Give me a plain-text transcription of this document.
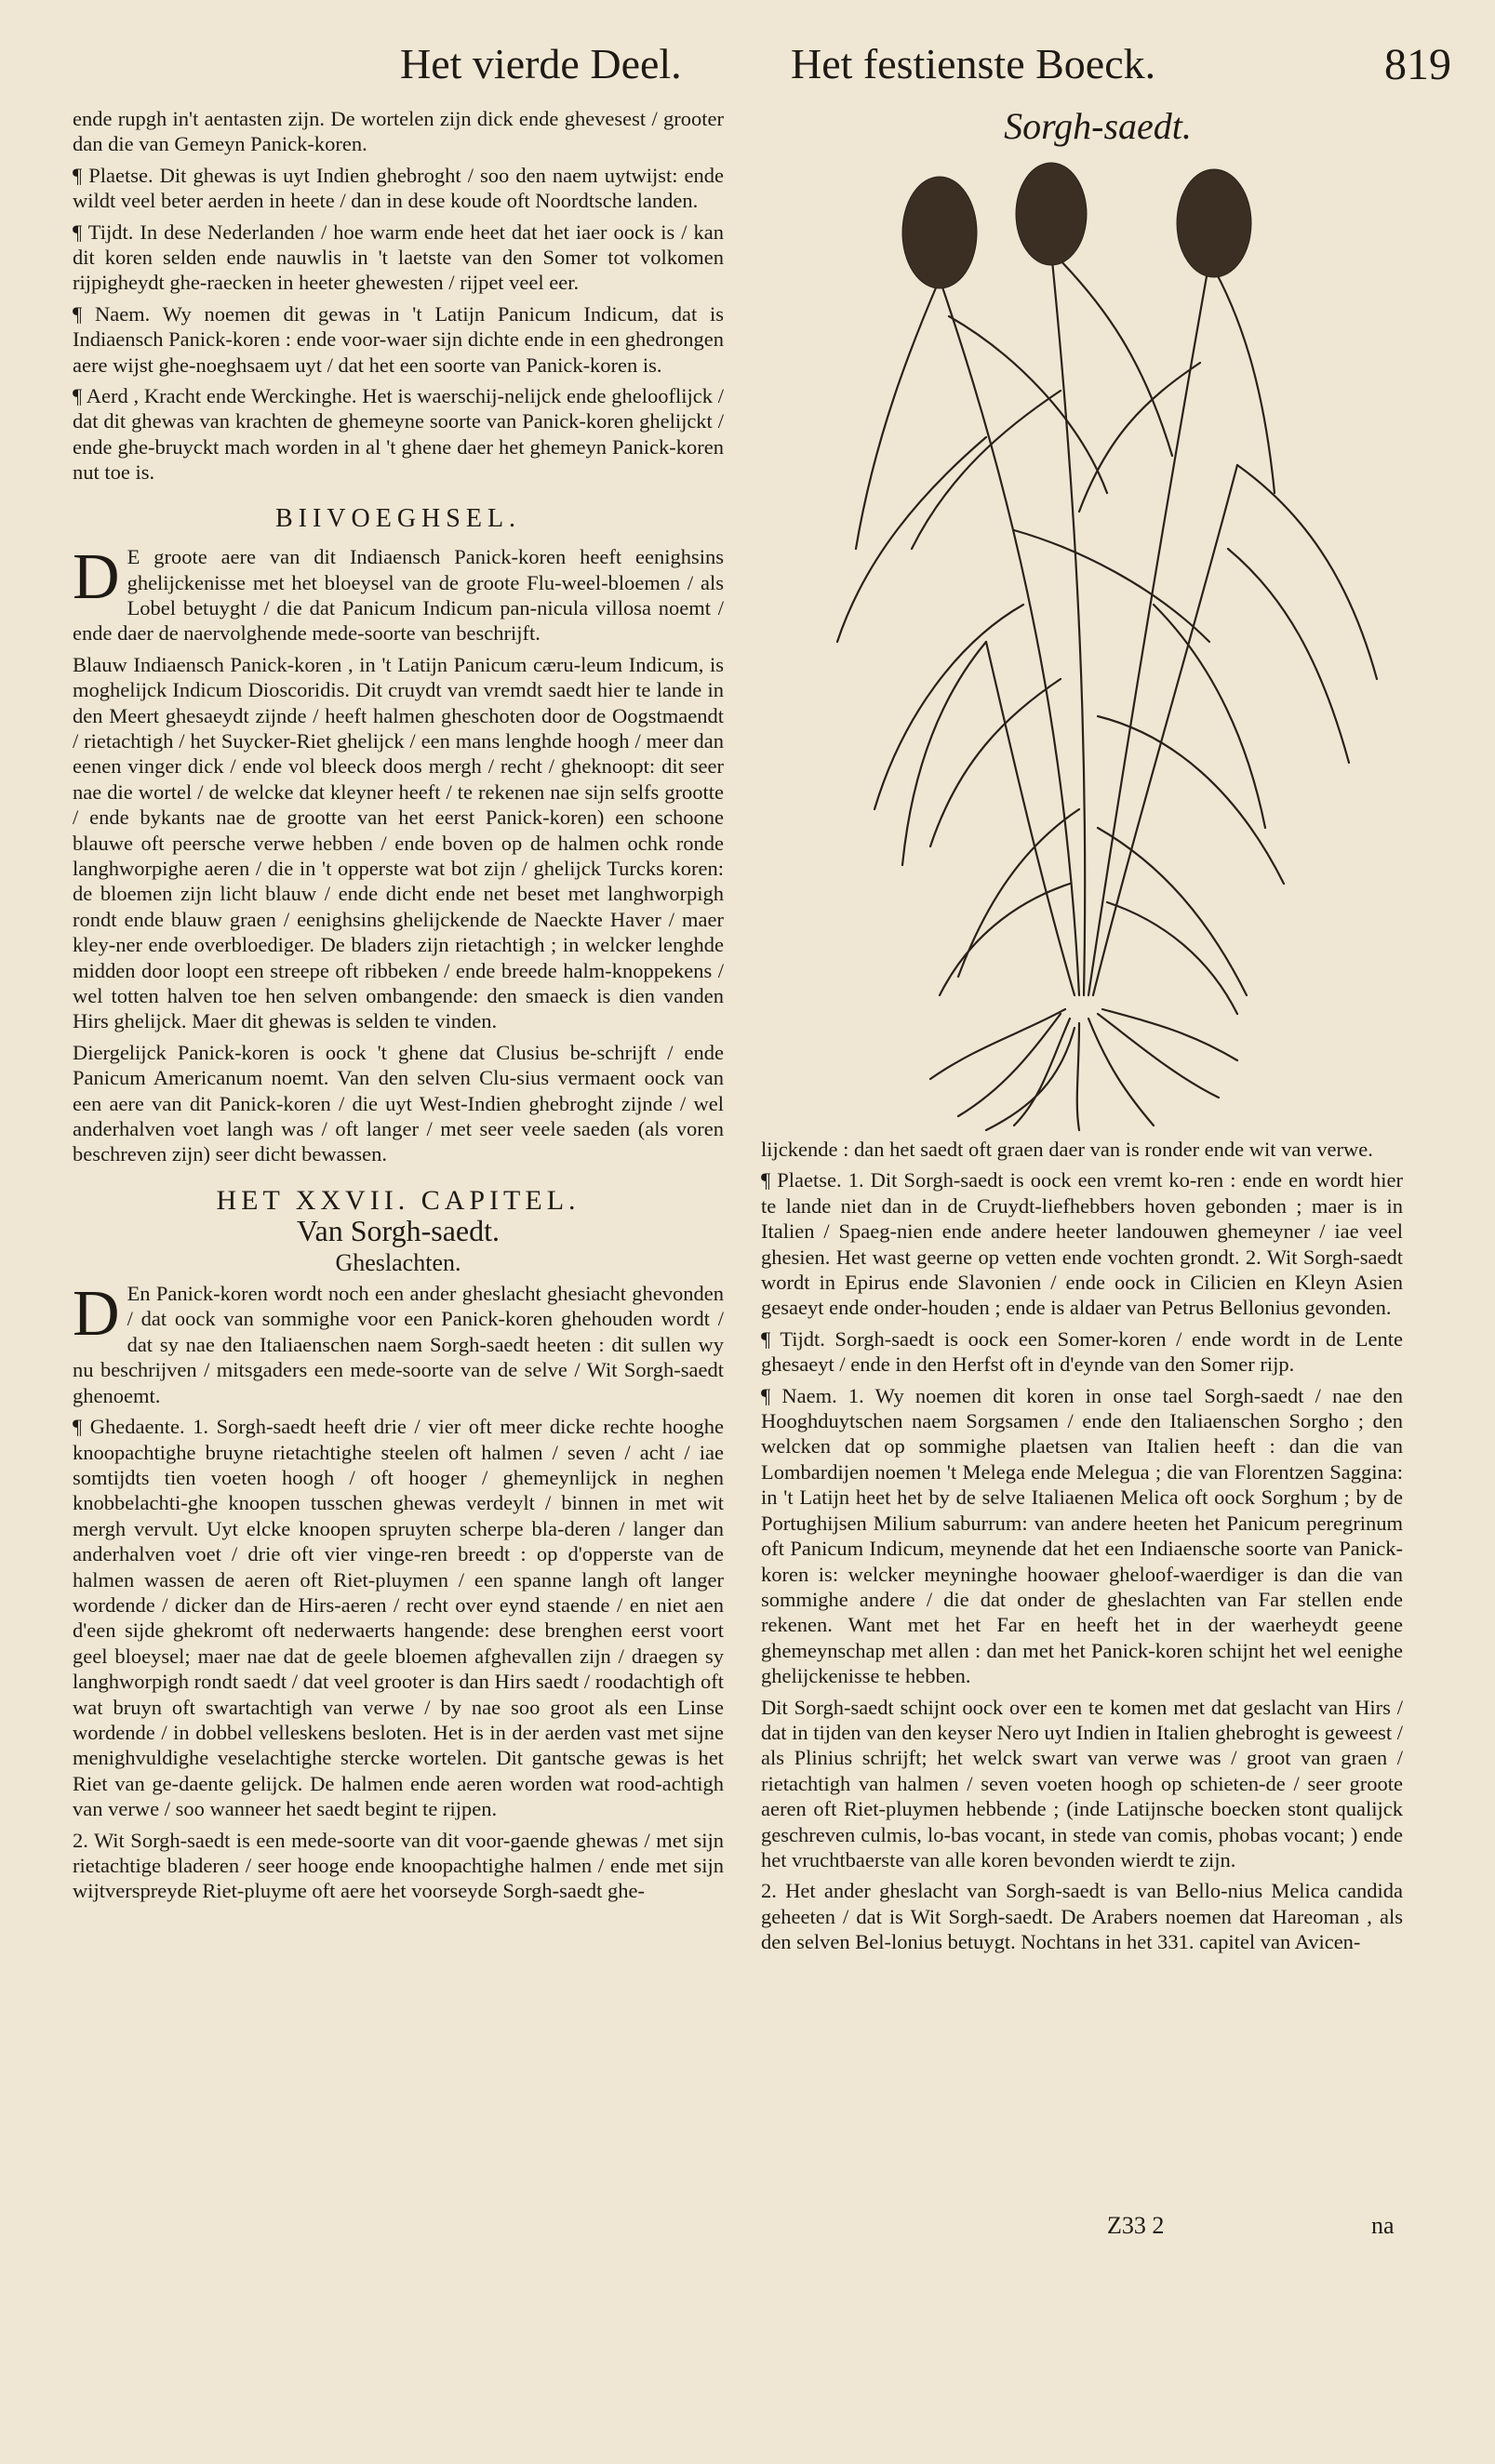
Het vierde Deel.	Het festienste Boeck.	819

ende rupgh in't aentasten zijn. De wortelen zijn dick ende ghevesest / grooter dan die van Gemeyn Panick-koren.

¶ Plaetse. Dit ghewas is uyt Indien ghebroght / soo den naem uytwijst: ende wildt veel beter aerden in heete / dan in dese koude oft Noordtsche landen.

¶ Tijdt. In dese Nederlanden / hoe warm ende heet dat het iaer oock is / kan dit koren selden ende nauwlis in 't laetste van den Somer tot volkomen rijpigheydt ghe-raecken in heeter ghewesten / rijpet veel eer.

¶ Naem. Wy noemen dit gewas in 't Latijn Panicum Indicum, dat is Indiaensch Panick-koren : ende voor-waer sijn dichte ende in een ghedrongen aere wijst ghe-noeghsaem uyt / dat het een soorte van Panick-koren is.

¶ Aerd , Kracht ende Werckinghe. Het is waerschij-nelijck ende ghelooflijck / dat dit ghewas van krachten de ghemeyne soorte van Panick-koren ghelijckt / ende ghe-bruyckt mach worden in al 't ghene daer het ghemeyn Panick-koren nut toe is.

BIIVOEGHSEL.

D E groote aere van dit Indiaensch Panick-koren heeft eenighsins ghelijckenisse met het bloeysel van de groote Flu-weel-bloemen / als Lobel betuyght / die dat Panicum Indicum pan-nicula villosa noemt / ende daer de naervolghende mede-soorte van beschrijft.

Blauw Indiaensch Panick-koren , in 't Latijn Panicum cæru-leum Indicum, is moghelijck Indicum Dioscoridis. Dit cruydt van vremdt saedt hier te lande in den Meert ghesaeydt zijnde / heeft halmen gheschoten door de Oogstmaendt / rietachtigh / het Suycker-Riet ghelijck / een mans lenghde hoogh / meer dan eenen vinger dick / ende vol bleeck doos mergh / recht / gheknoopt: dit seer nae die wortel / de welcke dat kleyner heeft / te rekenen nae sijn selfs grootte / ende bykants nae de grootte van het eerst Panick-koren) een schoone blauwe oft peersche verwe hebben / ende boven op de halmen ochk ronde langhworpighe aeren / die in 't opperste wat bot zijn / ghelijck Turcks koren: de bloemen zijn licht blauw / ende dicht ende net beset met langhworpigh rondt ende blauw graen / eenighsins ghelijckende de Naeckte Haver / maer kley-ner ende overbloediger. De bladers zijn rietachtigh ; in welcker lenghde midden door loopt een streepe oft ribbeken / ende breede halm-knoppekens / wel totten halven toe hen selven ombangende: den smaeck is dien vanden Hirs ghelijck. Maer dit ghewas is selden te vinden.

Diergelijck Panick-koren is oock 't ghene dat Clusius be-schrijft / ende Panicum Americanum noemt. Van den selven Clu-sius vermaent oock van een aere van dit Panick-koren / die uyt West-Indien ghebroght zijnde / wel anderhalven voet langh was / oft langer / met seer veele saeden (als voren beschreven zijn) seer dicht bewassen.

HET XXVII. CAPITEL.
Van Sorgh-saedt.
Gheslachten.

D En Panick-koren wordt noch een ander gheslacht ghesiacht ghevonden / dat oock van sommighe voor een Panick-koren ghehouden wordt / dat sy nae den Italiaenschen naem Sorgh-saedt heeten : dit sullen wy nu beschrijven / mitsgaders een mede-soorte van de selve / Wit Sorgh-saedt ghenoemt.

¶ Ghedaente. 1. Sorgh-saedt heeft drie / vier oft meer dicke rechte hooghe knoopachtighe bruyne rietachtighe steelen oft halmen / seven / acht / iae somtijdts tien voeten hoogh / oft hooger / ghemeynlijck in neghen knobbelachti-ghe knoopen tusschen ghewas verdeylt / binnen in met wit mergh vervult. Uyt elcke knoopen spruyten scherpe bla-deren / langer dan anderhalven voet / drie oft vier vinge-ren breedt : op d'opperste van de halmen wassen de aeren oft Riet-pluymen / een spanne langh oft langer wordende / dicker dan de Hirs-aeren / recht over eynd staende / en niet aen d'een sijde ghekromt oft nederwaerts hangende: dese brenghen eerst voort geel bloeysel; maer nae dat de geele bloemen afghevallen zijn / draegen sy langhworpigh rondt saedt / dat veel grooter is dan Hirs saedt / roodachtigh oft wat bruyn oft swartachtigh van verwe / by nae soo groot als een Linse wordende / in dobbel velleskens besloten. Het is in der aerden vast met sijne menighvuldighe veselachtighe stercke wortelen. Dit gantsche gewas is het Riet van ge-daente gelijck. De halmen ende aeren worden wat rood-achtigh van verwe / soo wanneer het saedt begint te rijpen.

2. Wit Sorgh-saedt is een mede-soorte van dit voor-gaende ghewas / met sijn rietachtige bladeren / seer hooge ende knoopachtighe halmen / ende met sijn wijtverspreyde Riet-pluyme oft aere het voorseyde Sorgh-saedt ghe-

Sorgh-saedt.

lijckende : dan het saedt oft graen daer van is ronder ende wit van verwe.

¶ Plaetse. 1. Dit Sorgh-saedt is oock een vremt ko-ren : ende en wordt hier te lande niet dan in de Cruydt-liefhebbers hoven gebonden ; maer is in Italien / Spaeg-nien ende andere heeter landouwen ghemeyner / iae veel ghesien. Het wast geerne op vetten ende vochten grondt. 2. Wit Sorgh-saedt wordt in Epirus ende Slavonien / ende oock in Cilicien en Kleyn Asien gesaeyt ende onder-houden ; ende is aldaer van Petrus Bellonius gevonden.

¶ Tijdt. Sorgh-saedt is oock een Somer-koren / ende wordt in de Lente ghesaeyt / ende in den Herfst oft in d'eynde van den Somer rijp.

¶ Naem. 1. Wy noemen dit koren in onse tael Sorgh-saedt / nae den Hooghduytschen naem Sorgsamen / ende den Italiaenschen Sorgho ; den welcken dat op sommighe plaetsen van Italien heeft : dan die van Lombardijen noemen 't Melega ende Melegua ; die van Florentzen Saggina: in 't Latijn heet het by de selve Italiaenen Melica oft oock Sorghum ; by de Portughijsen Milium saburrum: van andere heeten het Panicum peregrinum oft Panicum Indicum, meynende dat het een Indiaensche soorte van Panick-koren is: welcker meyninghe hoowaer gheloof-waerdiger is dan die van sommighe andere / die dat onder de gheslachten van Far stellen ende rekenen. Want met het Far en heeft het in der waerheydt geene ghemeynschap met allen : dan met het Panick-koren schijnt het wel eenighe ghelijckenisse te hebben.

Dit Sorgh-saedt schijnt oock over een te komen met dat geslacht van Hirs / dat in tijden van den keyser Nero uyt Indien in Italien ghebroght is geweest / als Plinius schrijft; het welck swart van verwe was / groot van graen / rietachtigh van halmen / seven voeten hoogh op schieten-de / seer groote aeren oft Riet-pluymen hebbende ; (inde Latijnsche boecken stont qualijck geschreven culmis, lo-bas vocant, in stede van comis, phobas vocant; ) ende het vruchtbaerste van alle koren bevonden wierdt te zijn.

2. Het ander gheslacht van Sorgh-saedt is van Bello-nius Melica candida geheeten / dat is Wit Sorgh-saedt. De Arabers noemen dat Hareoman , als den selven Bel-lonius betuygt. Nochtans in het 331. capitel van Avicen-

Z33 2	na
